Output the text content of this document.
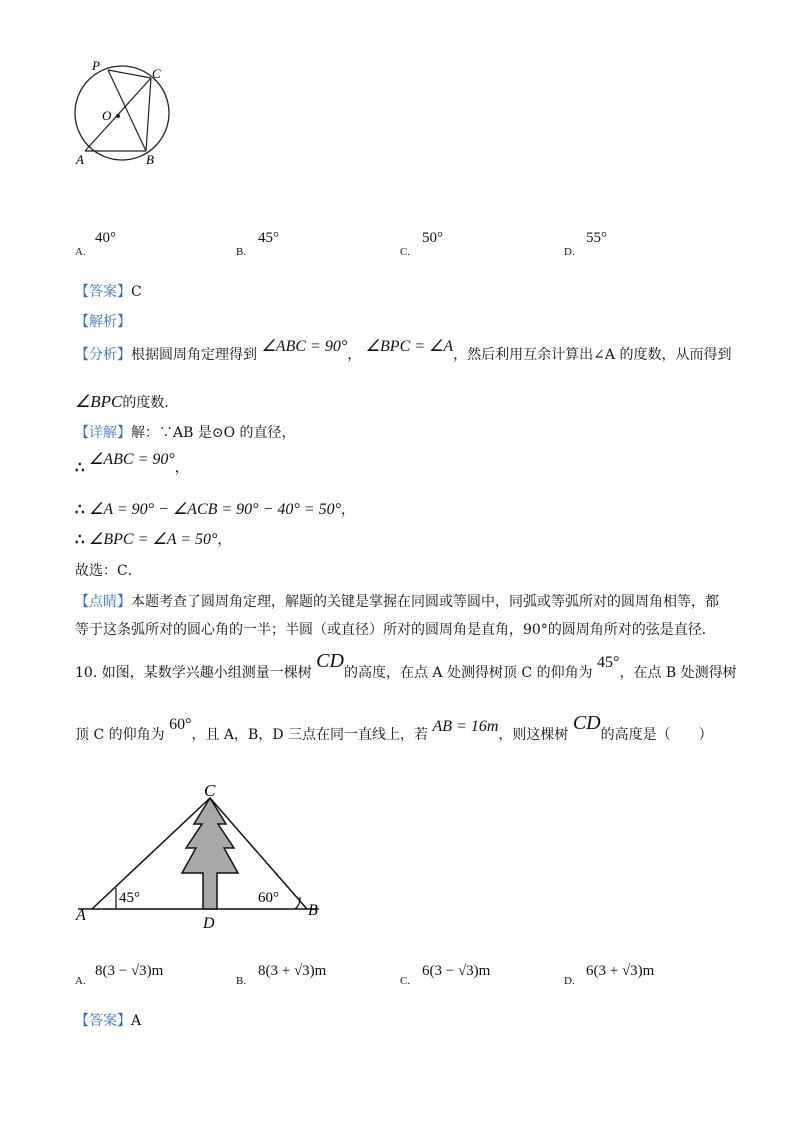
P
C
O
A	B
A.
40°
B.
45°
C.
50°
D.
55°
【答案】C
【解析】
【分析】根据圆周角定理得到 ∠ABC = 90°， ∠BPC = ∠A，然后利用互余计算出∠A 的度数，从而得到
∠BPC的度数．
【详解】解：∵AB 是⊙O 的直径，
∴ ∠ABC = 90°，
∴ ∠A = 90° − ∠ACB = 90° − 40° = 50°，
∴ ∠BPC = ∠A = 50°，
故选：C．
【点睛】本题考查了圆周角定理，解题的关键是掌握在同圆或等圆中，同弧或等弧所对的圆周角相等，都
等于这条弧所对的圆心角的一半；半圆（或直径）所对的圆周角是直角，90°的圆周角所对的弦是直径．
10. 如图，某数学兴趣小组测量一棵树 CD的高度，在点 A 处测得树顶 C 的仰角为 45°，在点 B 处测得树
顶 C 的仰角为 60°，且 A，B，D 三点在同一直线上，若 AB = 16m，则这棵树 CD的高度是（　　）
C
A	D
B
45°	60°
A.
8(3 − √3)m
B.
8(3 + √3)m
C.
6(3 − √3)m
D.
6(3 + √3)m
【答案】A
